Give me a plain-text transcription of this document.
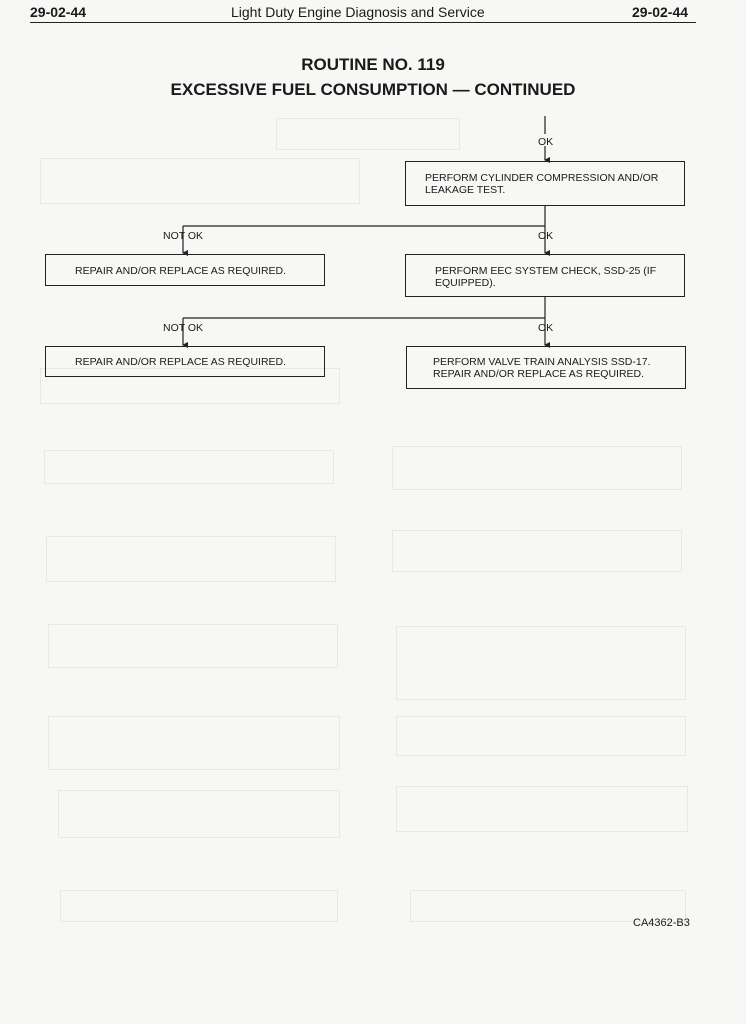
29-02-44	Light Duty Engine Diagnosis and Service	29-02-44
ROUTINE NO. 119
EXCESSIVE FUEL CONSUMPTION — CONTINUED
OK
NOT OK	OK
NOT OK	OK
PERFORM CYLINDER COMPRESSION AND/OR LEAKAGE TEST.
REPAIR AND/OR REPLACE AS REQUIRED.	PERFORM EEC SYSTEM CHECK, SSD-25 (IF EQUIPPED).
REPAIR AND/OR REPLACE AS REQUIRED.	PERFORM VALVE TRAIN ANALYSIS SSD-17.
REPAIR AND/OR REPLACE AS REQUIRED.
CA4362-B3
